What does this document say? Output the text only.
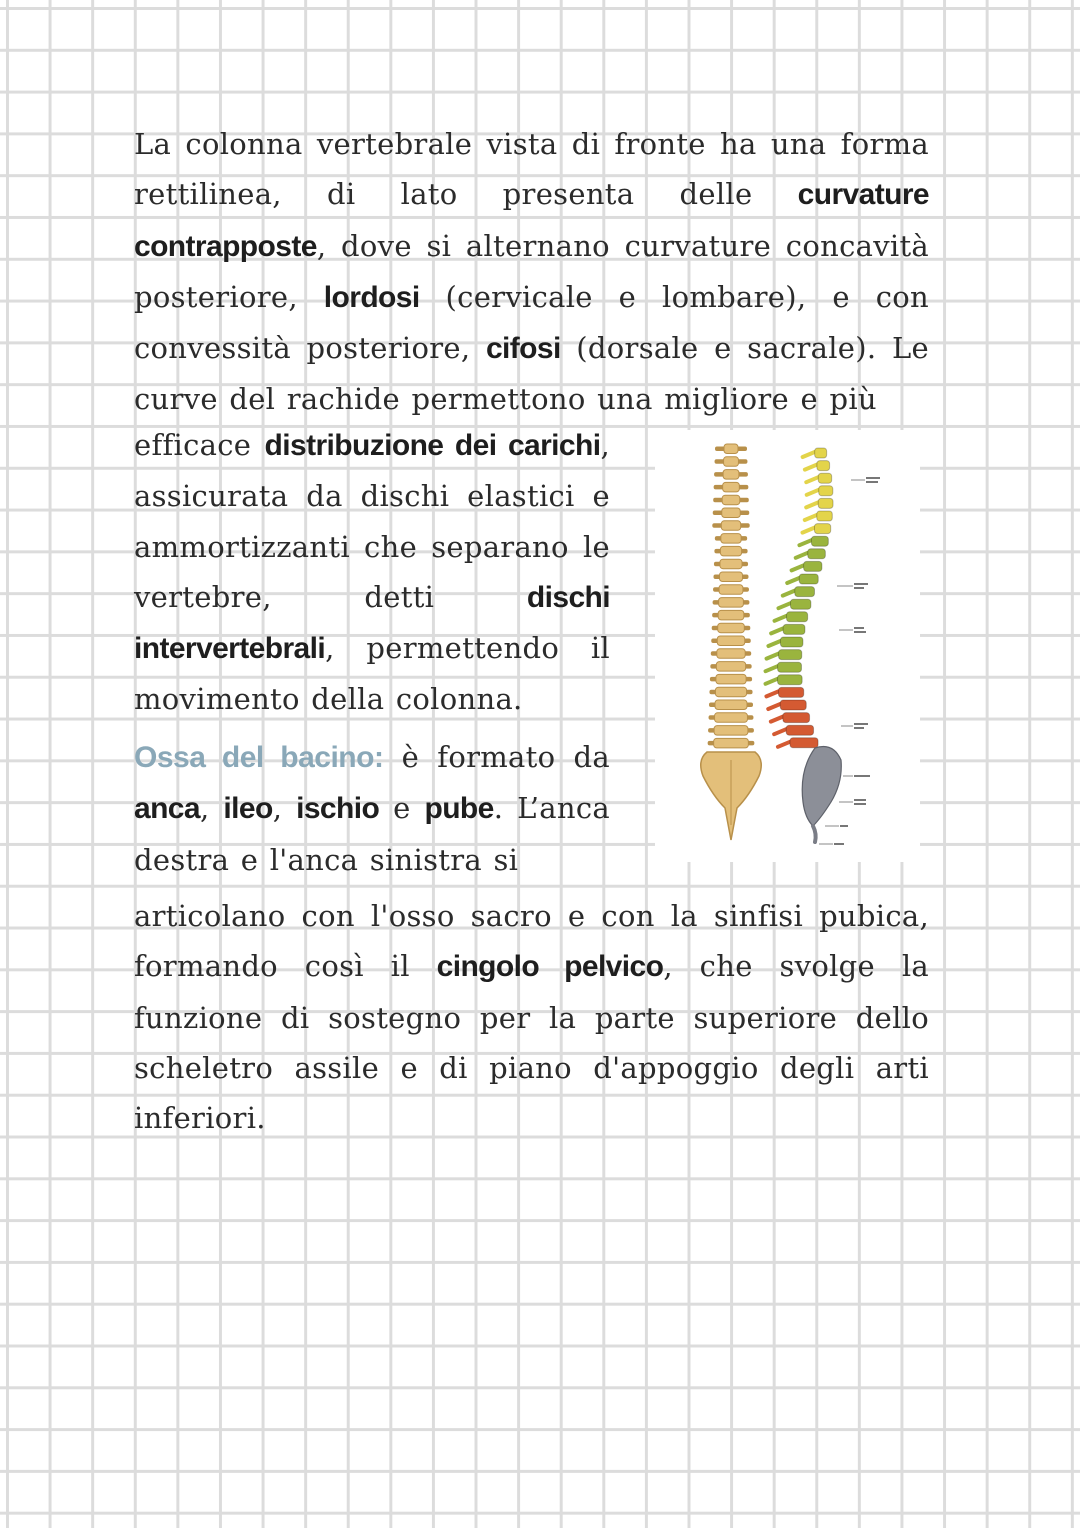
La colonna vertebrale vista di fronte ha una forma rettilinea, di lato presenta delle curvature contrapposte, dove si alternano curvature concavità posteriore, lordosi (cervicale e lombare), e con convessità posteriore, cifosi (dorsale e sacrale). Le curve del rachide permettono una migliore e più

efficace distribuzione dei carichi, assicurata da dischi elastici e ammortizzanti che separano le vertebre, detti dischi intervertebrali, permettendo il movimento della colonna.

Ossa del bacino: è formato da anca, ileo, ischio e pube. L’anca destra e l'anca sinistra si

articolano con l'osso sacro e con la sinfisi pubica, formando così il cingolo pelvico, che svolge la funzione di sostegno per la parte superiore dello scheletro assile e di piano d'appoggio degli arti inferiori.
